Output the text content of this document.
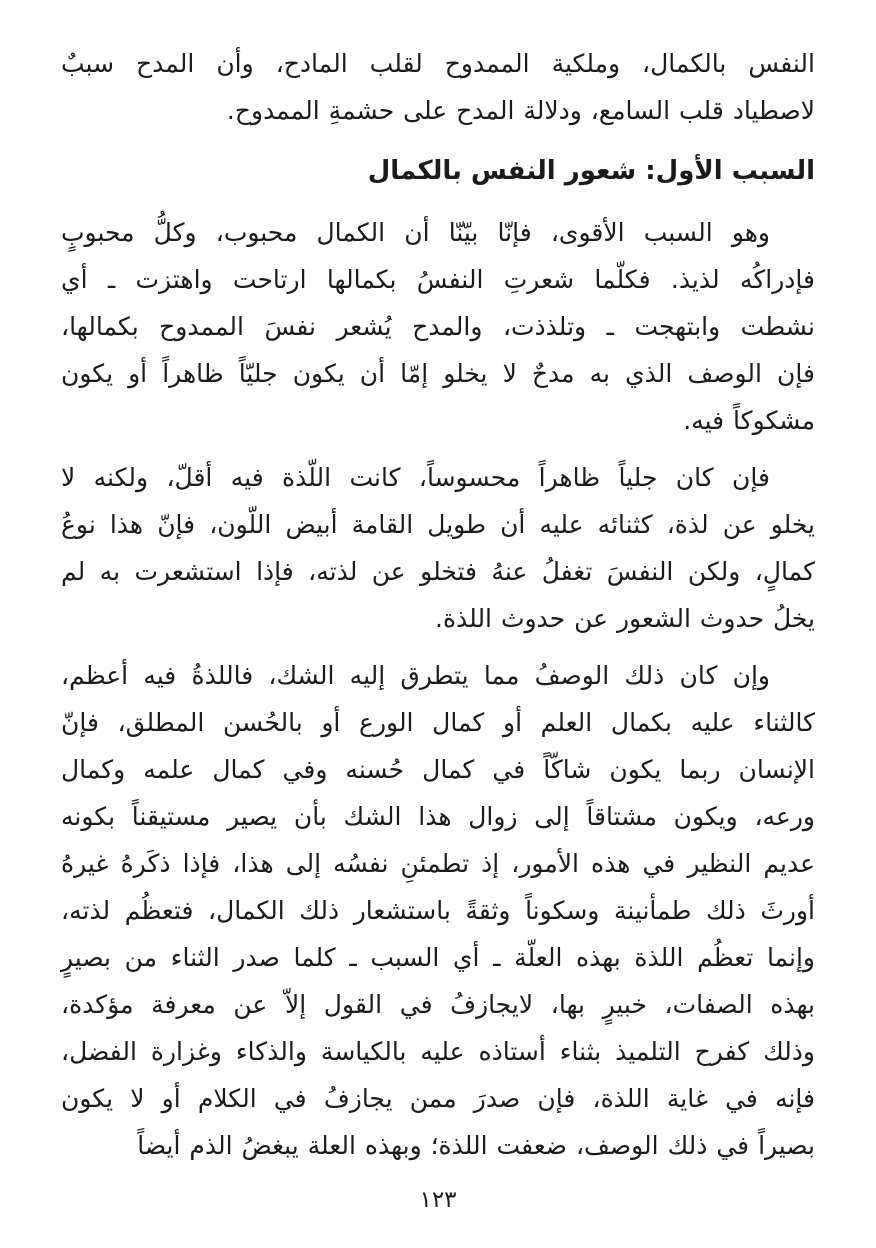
النفس بالكمال، وملكية الممدوح لقلب المادح، وأن المدح سببٌ
لاصطياد قلب السامع، ودلالة المدح على حشمةِ الممدوح.
السبب الأول: شعور النفس بالكمال
وهو السبب الأقوى، فإنّا بيّنّا أن الكمال محبوب، وكلُّ محبوبٍ
فإدراكُه لذيذ. فكلّما شعرتِ النفسُ بكمالها ارتاحت واهتزت ـ أي
نشطت وابتهجت ـ وتلذذت، والمدح يُشعر نفسَ الممدوح بكمالها،
فإن الوصف الذي به مدحٌ لا يخلو إمّا أن يكون جليّاً ظاهراً أو يكون
مشكوكاً فيه.
فإن كان جلياً ظاهراً محسوساً، كانت اللّذة فيه أقلّ، ولكنه لا
يخلو عن لذة، كثنائه عليه أن طويل القامة أبيض اللّون، فإنّ هذا نوعُ
كمالٍ، ولكن النفسَ تغفلُ عنهُ فتخلو عن لذته، فإذا استشعرت به لم
يخلُ حدوث الشعور عن حدوث اللذة.
وإن كان ذلك الوصفُ مما يتطرق إليه الشك، فاللذةُ فيه أعظم،
كالثناء عليه بكمال العلم أو كمال الورع أو بالحُسن المطلق، فإنّ
الإنسان ربما يكون شاكّاً في كمال حُسنه وفي كمال علمه وكمال
ورعه، ويكون مشتاقاً إلى زوال هذا الشك بأن يصير مستيقناً بكونه
عديم النظير في هذه الأمور، إذ تطمئنِ نفسُه إلى هذا، فإذا ذكَرهُ غيرهُ
أورثَ ذلك طمأنينة وسكوناً وثقةً باستشعار ذلك الكمال، فتعظُم لذته،
وإنما تعظُم اللذة بهذه العلّة ـ أي السبب ـ كلما صدر الثناء من بصيرٍ
بهذه الصفات، خبيرٍ بها، لايجازفُ في القول إلاّ عن معرفة مؤكدة،
وذلك كفرح التلميذ بثناء أستاذه عليه بالكياسة والذكاء وغزارة الفضل،
فإنه في غاية اللذة، فإن صدرَ ممن يجازفُ في الكلام أو لا يكون
بصيراً في ذلك الوصف، ضعفت اللذة؛ وبهذه العلة يبغضُ الذم أيضاً
١٢٣
